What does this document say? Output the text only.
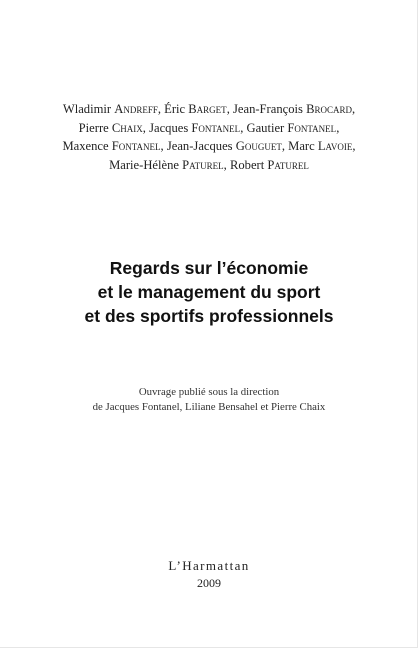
Wladimir Andreff, Éric Barget, Jean-François Brocard,
Pierre Chaix, Jacques Fontanel, Gautier Fontanel,
Maxence Fontanel, Jean-Jacques Gouguet, Marc Lavoie,
Marie-Hélène Paturel, Robert Paturel
Regards sur l’économie
et le management du sport
et des sportifs professionnels
Ouvrage publié sous la direction
de Jacques Fontanel, Liliane Bensahel et Pierre Chaix
L’Harmattan
2009
